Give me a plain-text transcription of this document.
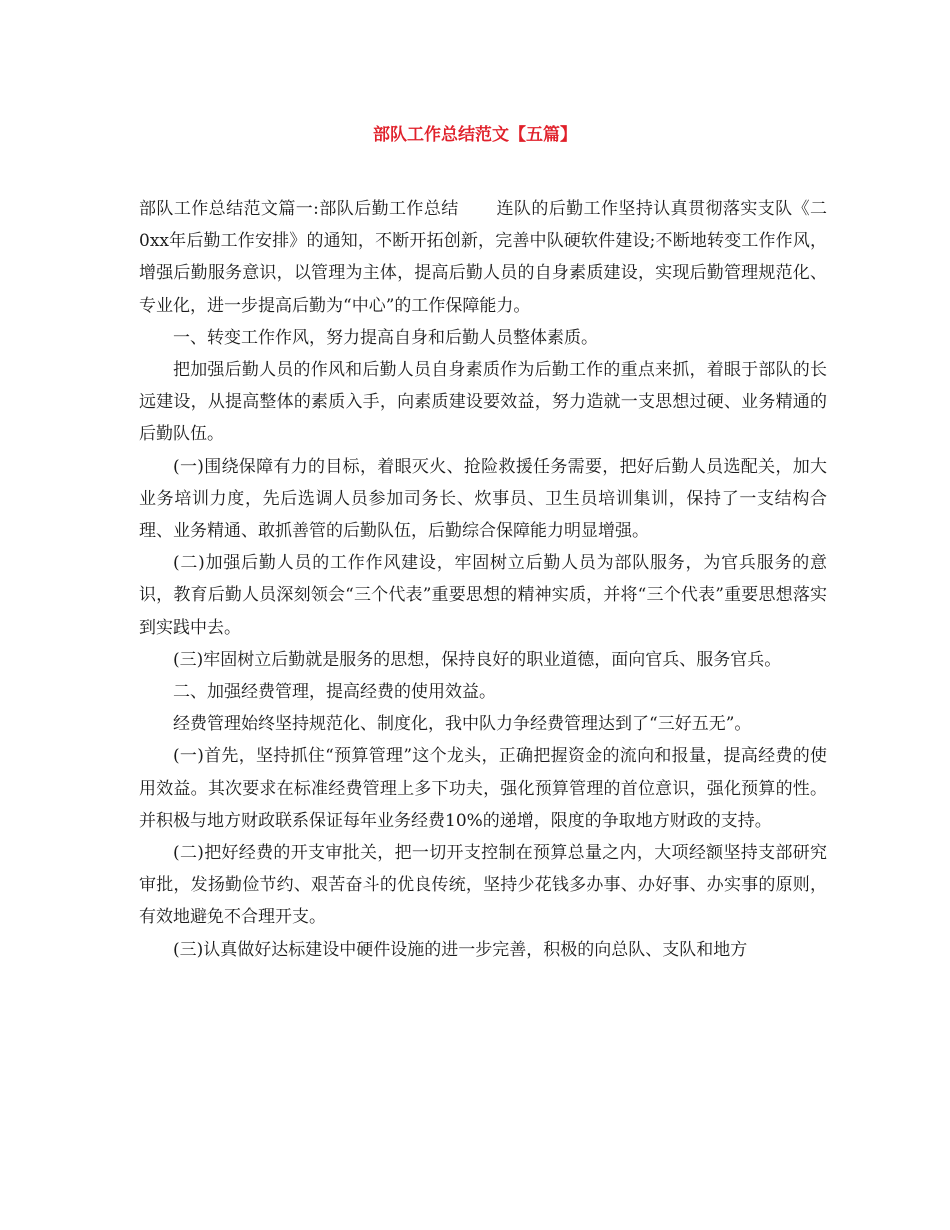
部队工作总结范文【五篇】

部队工作总结范文篇一:部队后勤工作总结 连队的后勤工作坚持认真贯彻落实支队《二0xx年后勤工作安排》的通知，不断开拓创新，完善中队硬软件建设;不断地转变工作作风，增强后勤服务意识，以管理为主体，提高后勤人员的自身素质建设，实现后勤管理规范化、专业化，进一步提高后勤为“中心”的工作保障能力。

一、转变工作作风，努力提高自身和后勤人员整体素质。

把加强后勤人员的作风和后勤人员自身素质作为后勤工作的重点来抓，着眼于部队的长远建设，从提高整体的素质入手，向素质建设要效益，努力造就一支思想过硬、业务精通的后勤队伍。

(一)围绕保障有力的目标，着眼灭火、抢险救援任务需要，把好后勤人员选配关，加大业务培训力度，先后选调人员参加司务长、炊事员、卫生员培训集训，保持了一支结构合理、业务精通、敢抓善管的后勤队伍，后勤综合保障能力明显增强。

(二)加强后勤人员的工作作风建设，牢固树立后勤人员为部队服务，为官兵服务的意识，教育后勤人员深刻领会“三个代表”重要思想的精神实质，并将“三个代表”重要思想落实到实践中去。

(三)牢固树立后勤就是服务的思想，保持良好的职业道德，面向官兵、服务官兵。

二、加强经费管理，提高经费的使用效益。

经费管理始终坚持规范化、制度化，我中队力争经费管理达到了“三好五无”。

(一)首先，坚持抓住“预算管理”这个龙头，正确把握资金的流向和报量，提高经费的使用效益。其次要求在标准经费管理上多下功夫，强化预算管理的首位意识，强化预算的性。并积极与地方财政联系保证每年业务经费10%的递增，限度的争取地方财政的支持。

(二)把好经费的开支审批关，把一切开支控制在预算总量之内，大项经额坚持支部研究审批，发扬勤俭节约、艰苦奋斗的优良传统，坚持少花钱多办事、办好事、办实事的原则，有效地避免不合理开支。

(三)认真做好达标建设中硬件设施的进一步完善，积极的向总队、支队和地方
